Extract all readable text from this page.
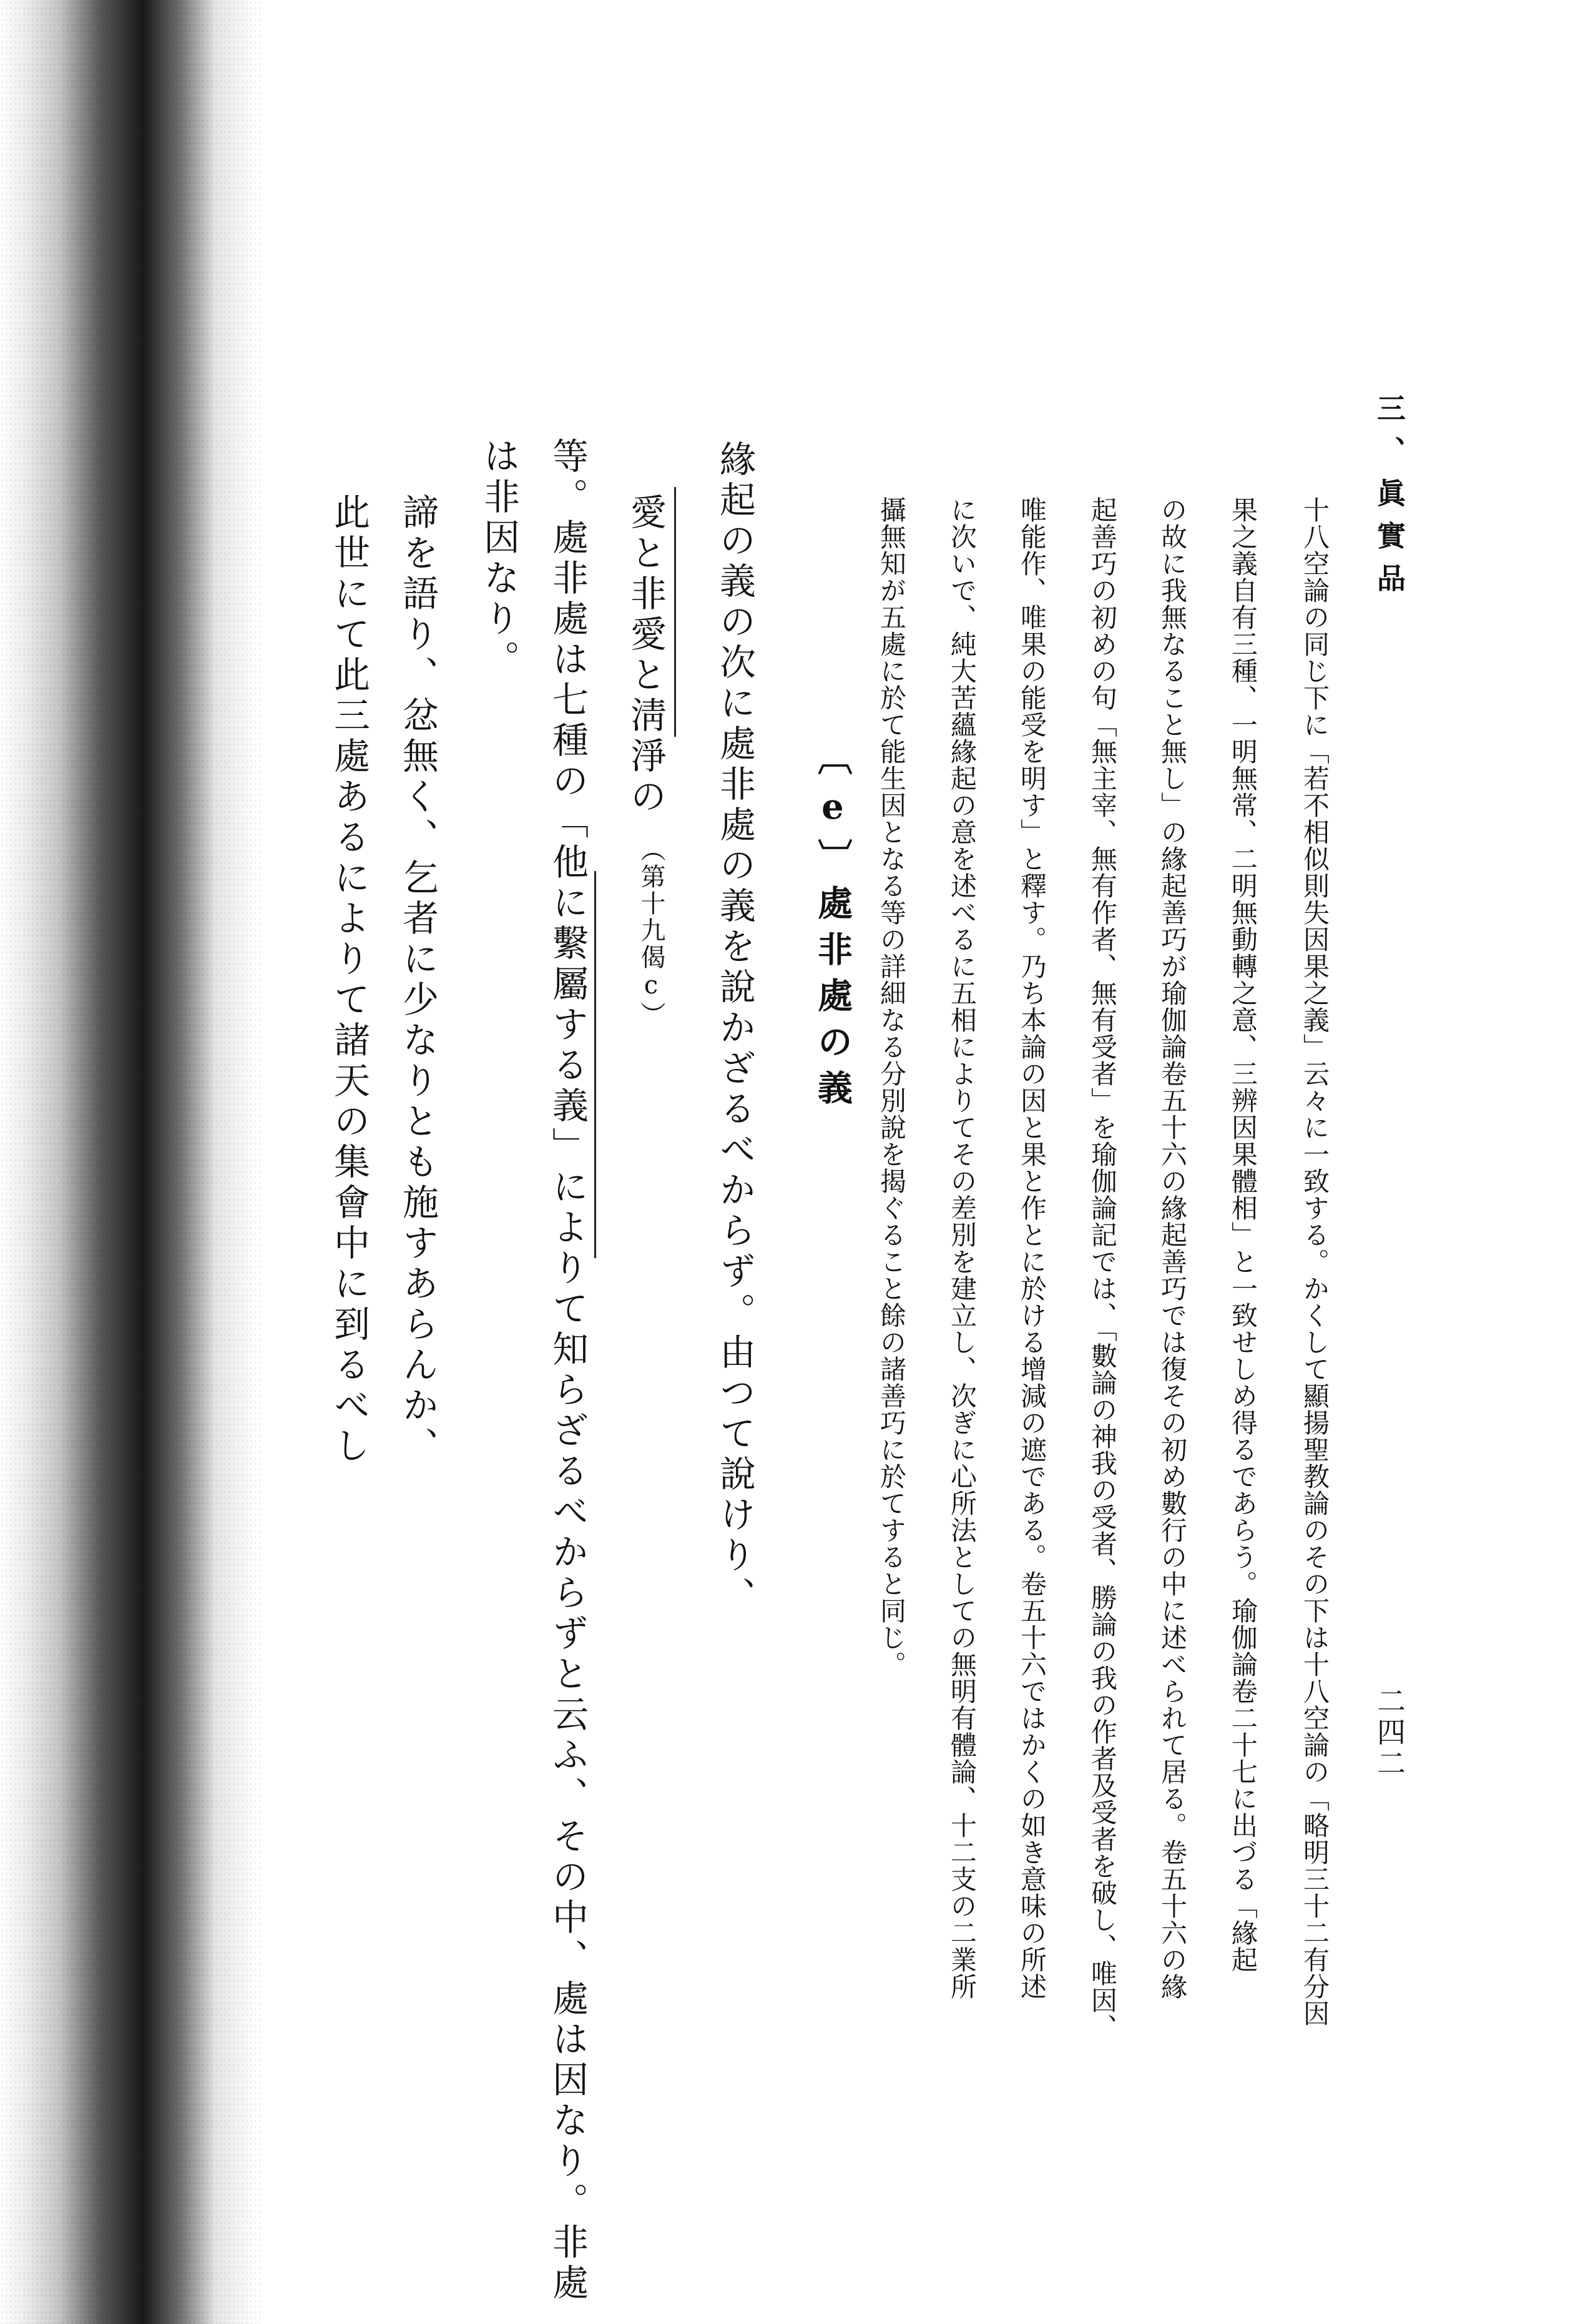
三、眞實品
二四二
十八空論の同じ下に「若不相似則失因果之義」云々に一致する。かくして顯揚聖教論のその下は十八空論の「略明三十二有分因
果之義自有三種、一明無常、二明無動轉之意、三辨因果體相」と一致せしめ得るであらう。瑜伽論卷二十七に出づる「緣起
の故に我無なること無し」の緣起善巧が瑜伽論卷五十六の緣起善巧では復その初め數行の中に述べられて居る。卷五十六の緣
起善巧の初めの句「無主宰、無有作者、無有受者」を瑜伽論記では、「數論の神我の受者、勝論の我の作者及受者を破し、唯因、
唯能作、唯果の能受を明す」と釋す。乃ち本論の因と果と作とに於ける增減の遮である。卷五十六ではかくの如き意味の所述
に次いで、純大苦蘊緣起の意を述べるに五相によりてその差別を建立し、次ぎに心所法としての無明有體論、十二支の二業所
攝無知が五處に於て能生因となる等の詳細なる分別說を揭ぐること餘の諸善巧に於てすると同じ。
〔e〕處非處の義
緣起の義の次に處非處の義を說かざるべからず。由つて說けり、
愛と非愛と淸淨の
（第十九偈c）
等。處非處は七種の「他に繫屬する義」によりて知らざるべからずと云ふ、その中、處は因なり。非處
は非因なり。
諦を語り、忿無く、乞者に少なりとも施すあらんか、
此世にて此三處あるによりて諸天の集會中に到るべし
